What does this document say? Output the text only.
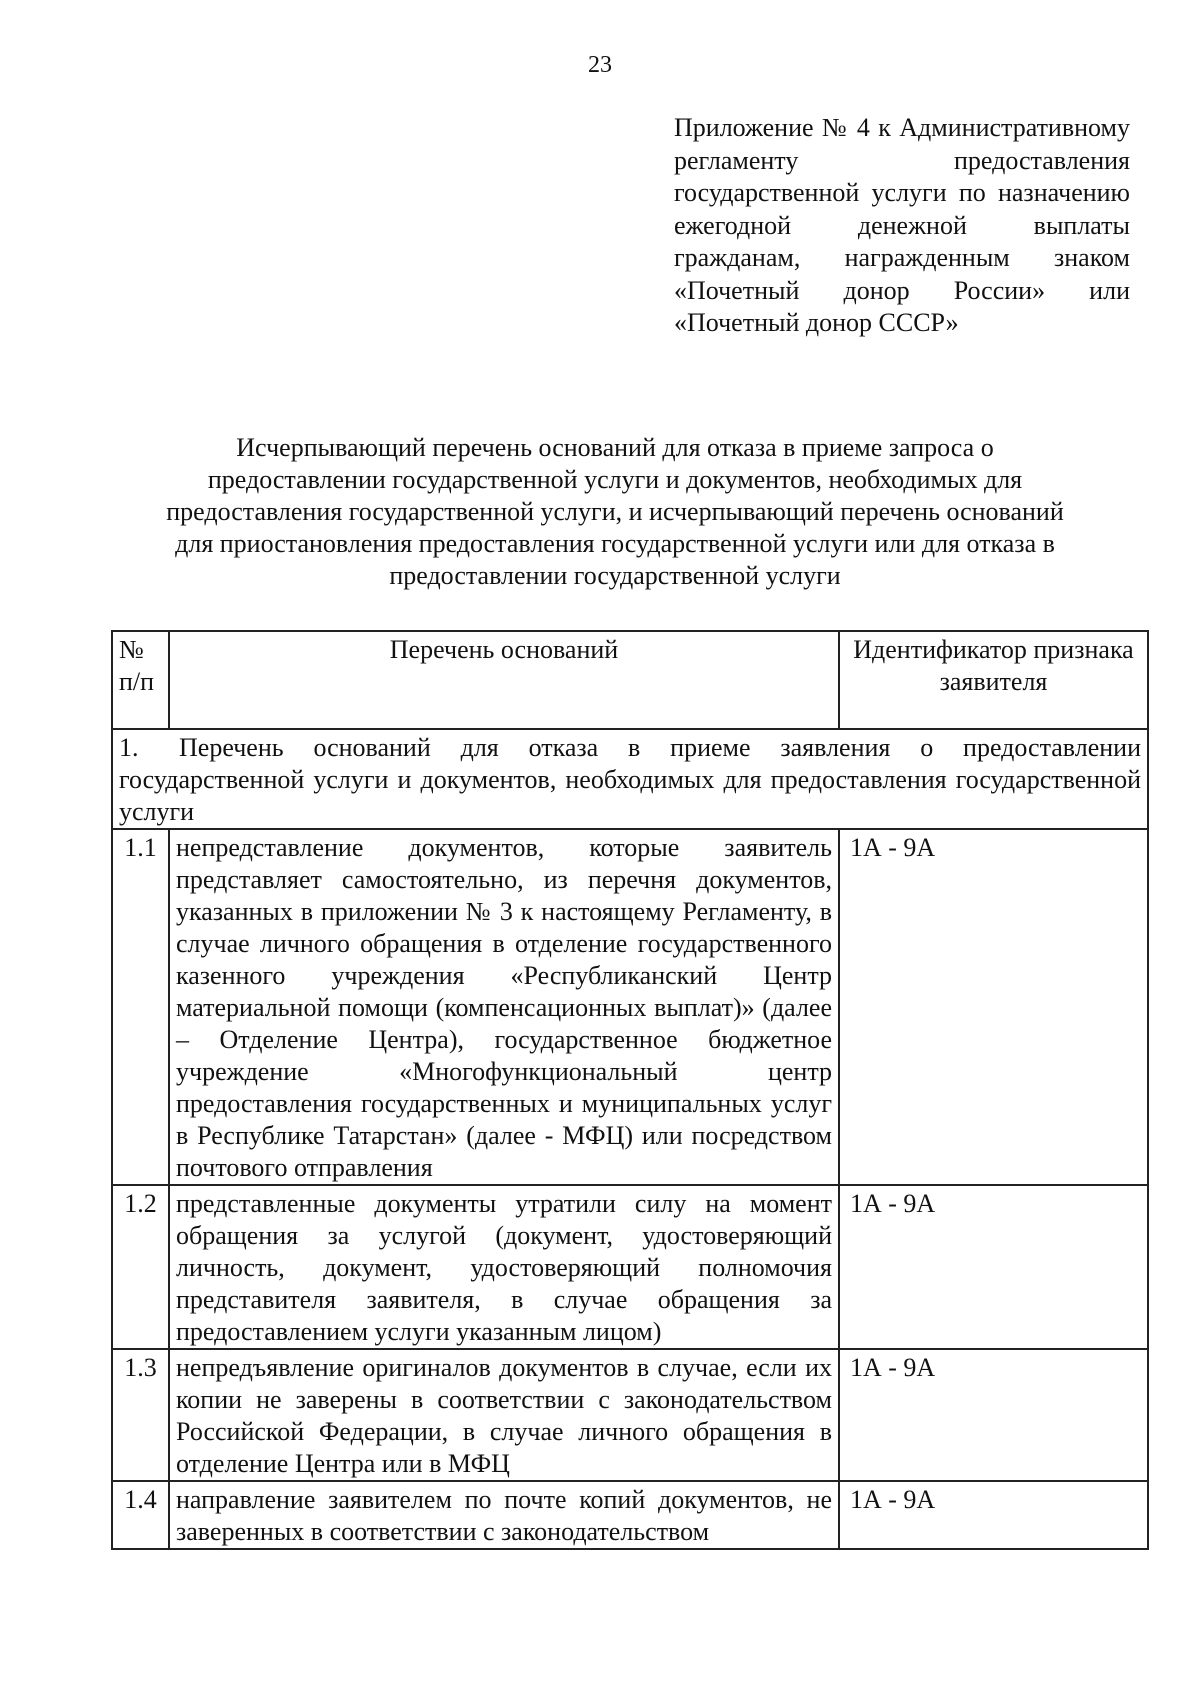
23
Приложение № 4 к Административному регламенту предоставления государственной услуги по назначению ежегодной денежной выплаты гражданам, награжденным знаком «Почетный донор России» или «Почетный донор СССР»
Исчерпывающий перечень оснований для отказа в приеме запроса о
предоставлении государственной услуги и документов, необходимых для
предоставления государственной услуги, и исчерпывающий перечень оснований
для приостановления предоставления государственной услуги или для отказа в
предоставлении государственной услуги
№ п/п	Перечень оснований	Идентификатор признака заявителя
1. Перечень оснований для отказа в приеме заявления о предоставлении государственной услуги и документов, необходимых для предоставления государственной услуги		
1.1	непредставление документов, которые заявитель представляет самостоятельно, из перечня документов, указанных в приложении № 3 к настоящему Регламенту, в случае личного обращения в отделение государственного казенного учреждения «Республиканский Центр материальной помощи (компенсационных выплат)» (далее – Отделение Центра), государственное бюджетное учреждение «Многофункциональный центр предоставления государственных и муниципальных услуг в Республике Татарстан» (далее - МФЦ) или посредством почтового отправления	1А - 9А
1.2	представленные документы утратили силу на момент обращения за услугой (документ, удостоверяющий личность, документ, удостоверяющий полномочия представителя заявителя, в случае обращения за предоставлением услуги указанным лицом)	1А - 9А
1.3	непредъявление оригиналов документов в случае, если их копии не заверены в соответствии с законодательством Российской Федерации, в случае личного обращения в отделение Центра или в МФЦ	1А - 9А
1.4	направление заявителем по почте копий документов, не заверенных в соответствии с законодательством	1А - 9А
